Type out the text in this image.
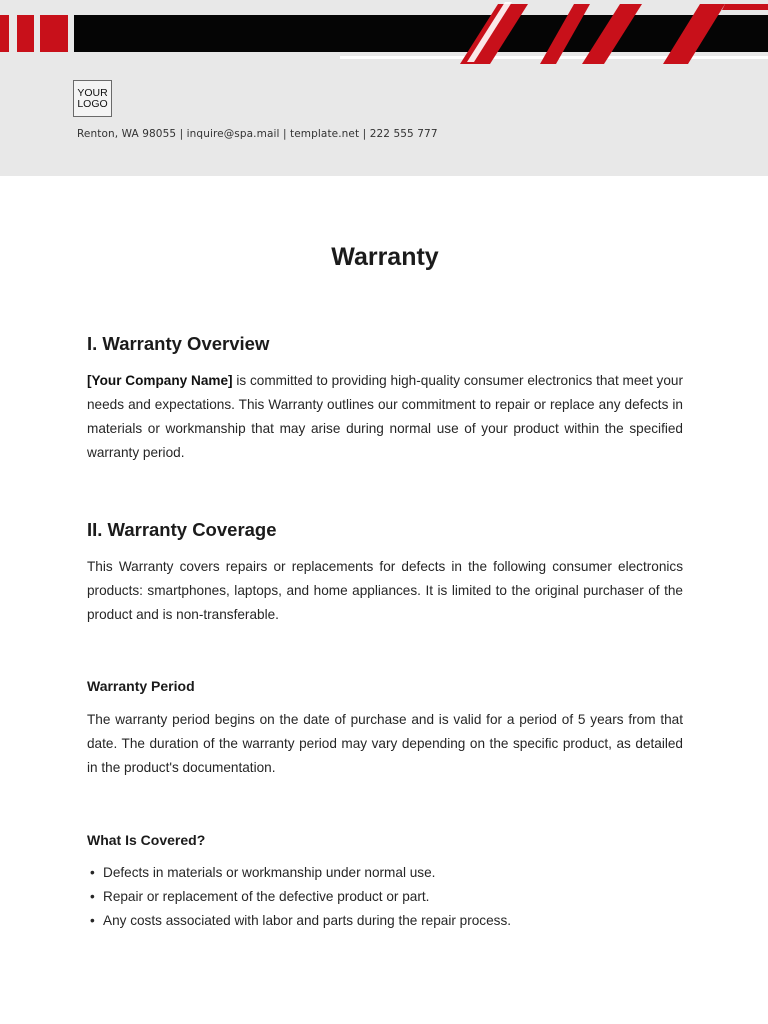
YOUR
LOGO
Renton, WA 98055 | inquire@spa.mail | template.net | 222 555 777
Warranty
I. Warranty Overview

[Your Company Name] is committed to providing high-quality consumer electronics that meet your needs and expectations. This Warranty outlines our commitment to repair or replace any defects in materials or workmanship that may arise during normal use of your product within the specified warranty period.

II. Warranty Coverage

This Warranty covers repairs or replacements for defects in the following consumer electronics products: smartphones, laptops, and home appliances. It is limited to the original purchaser of the product and is non-transferable.

Warranty Period

The warranty period begins on the date of purchase and is valid for a period of 5 years from that date. The duration of the warranty period may vary depending on the specific product, as detailed in the product's documentation.

What Is Covered?
• Defects in materials or workmanship under normal use.
• Repair or replacement of the defective product or part.
• Any costs associated with labor and parts during the repair process.
